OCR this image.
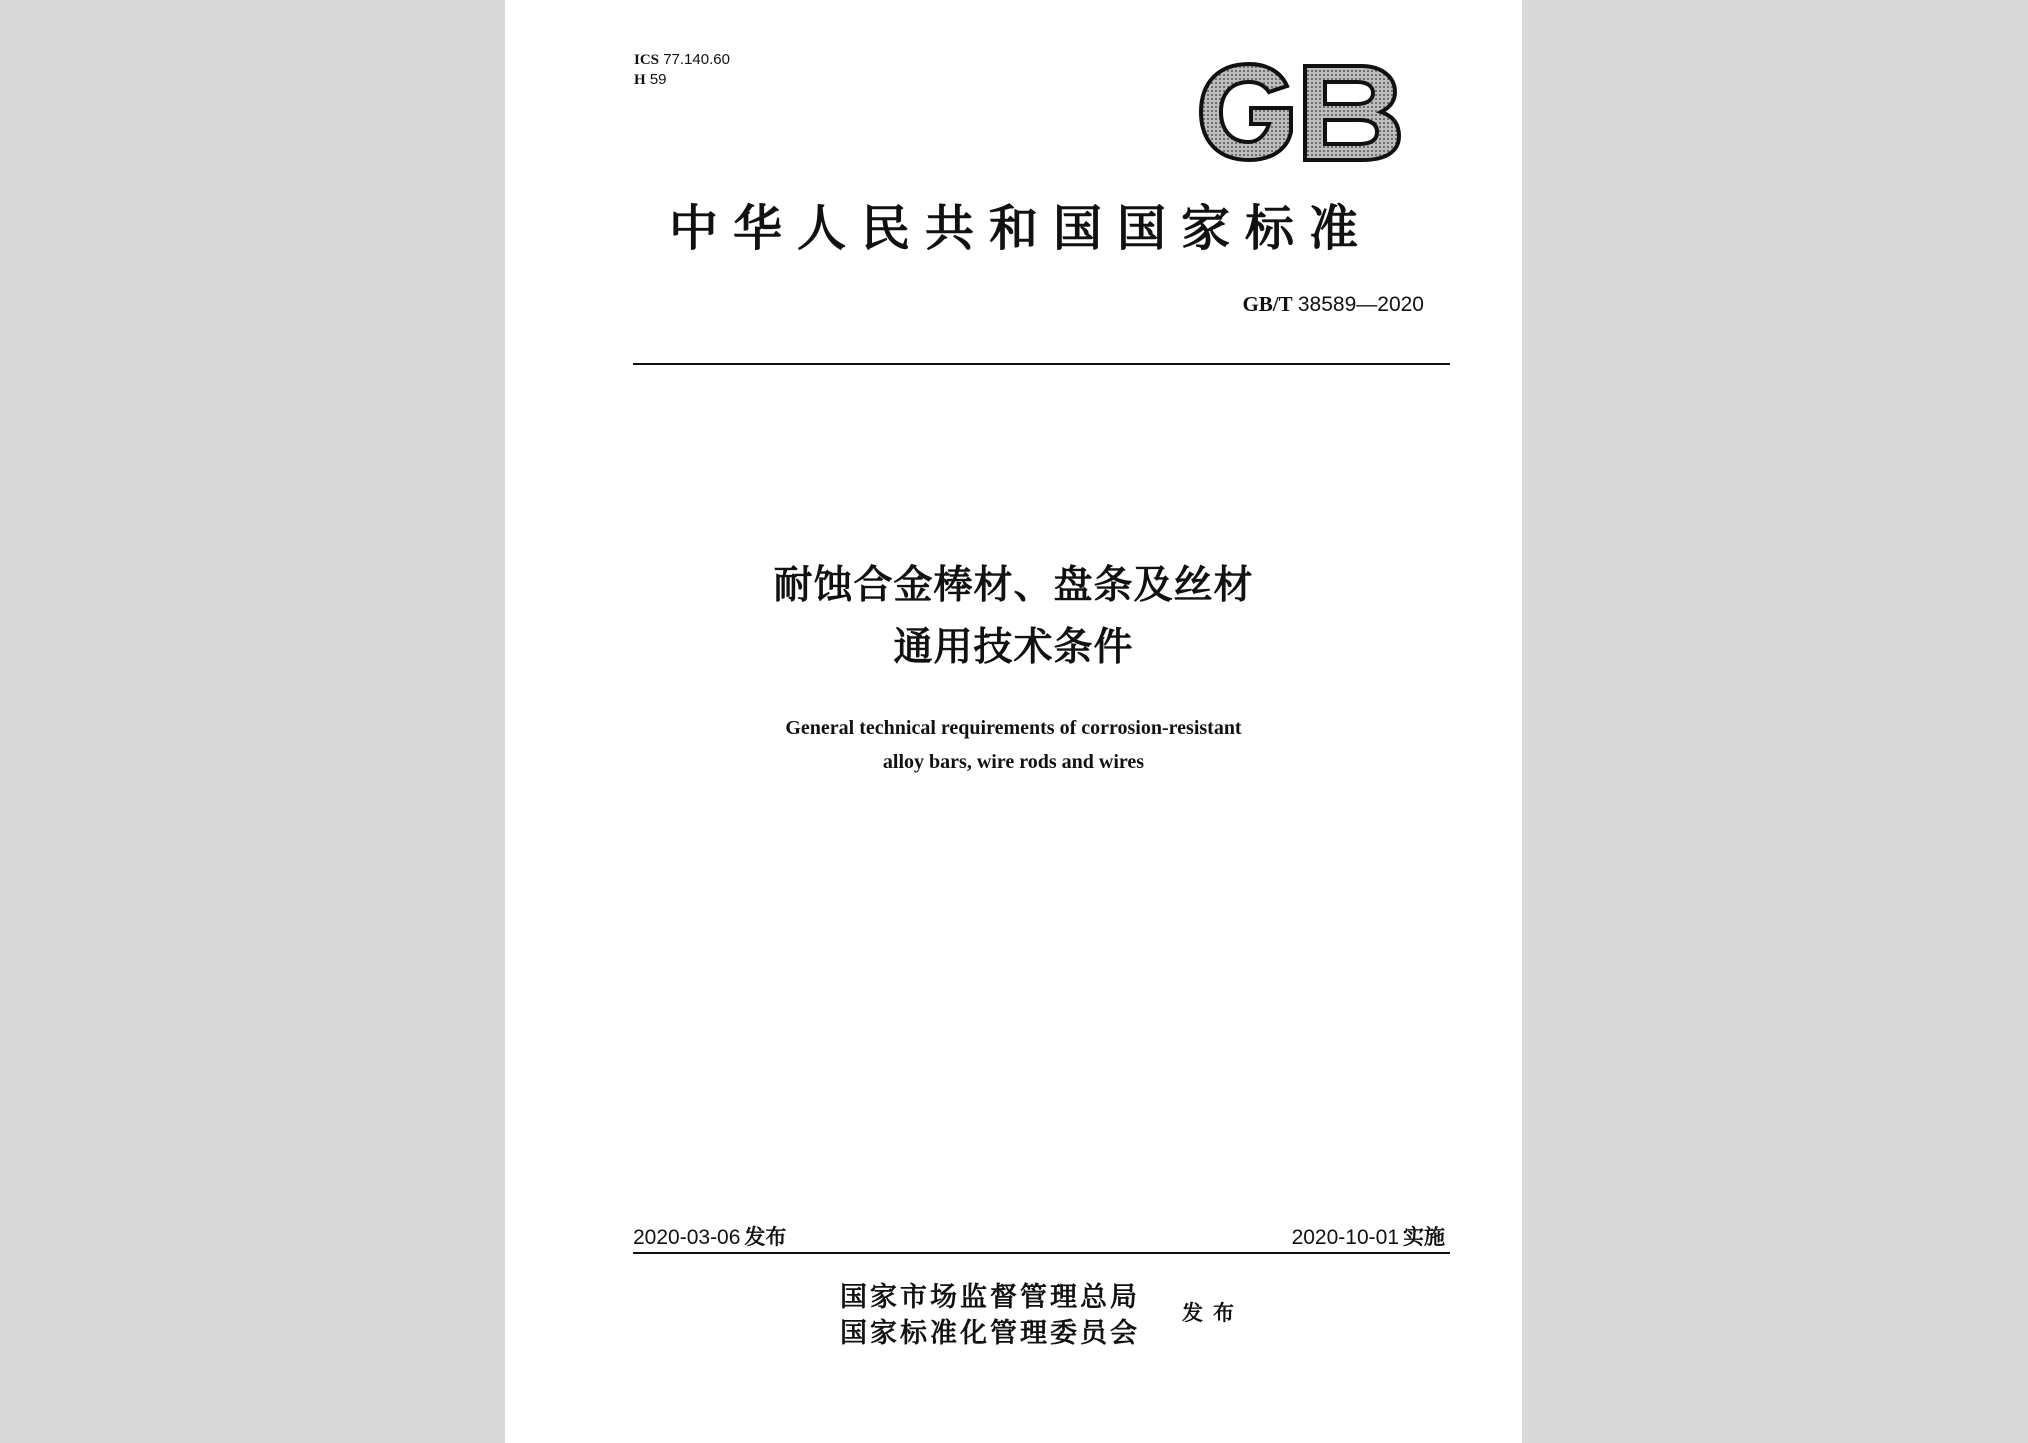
ICS 77.140.60
H 59
中华人民共和国国家标准
GB/T 38589—2020
耐蚀合金棒材、盘条及丝材
通用技术条件
General technical requirements of corrosion-resistant
alloy bars, wire rods and wires
2020-03-06 发布	2020-10-01 实施
国家市场监督管理总局
国家标准化管理委员会
发布
